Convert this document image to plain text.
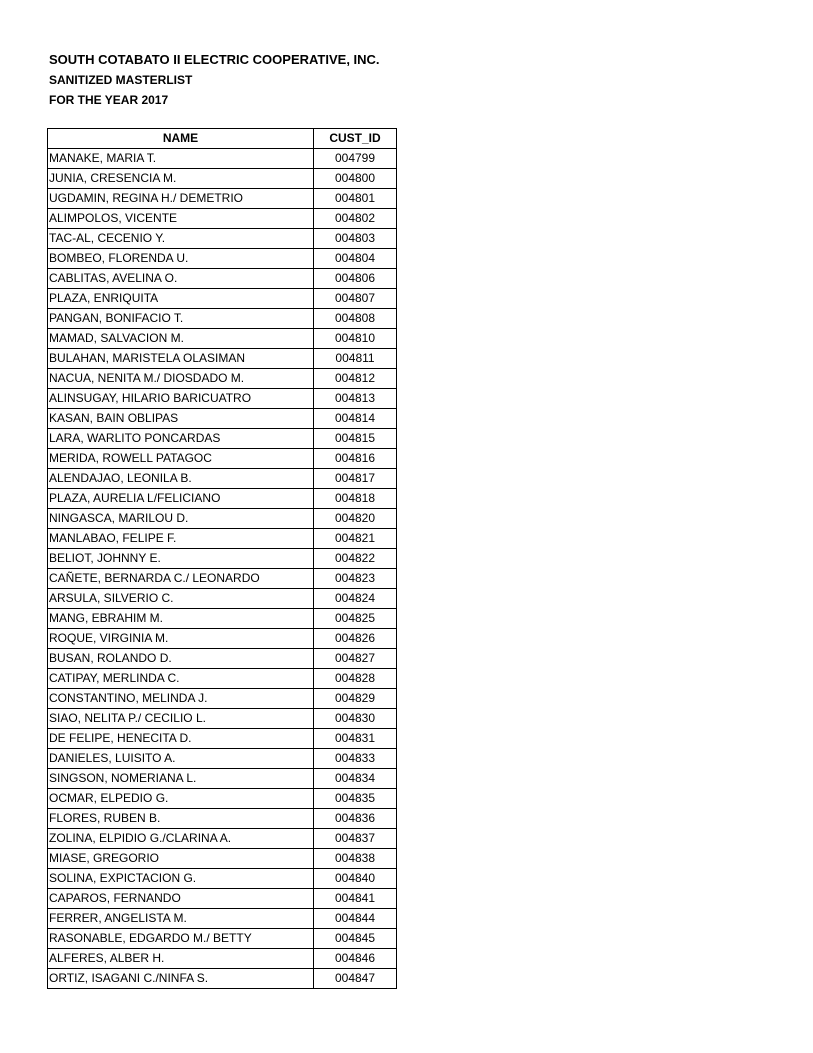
SOUTH COTABATO II ELECTRIC COOPERATIVE, INC.
SANITIZED MASTERLIST
FOR THE YEAR 2017
NAME	CUST_ID
MANAKE, MARIA T.	004799
JUNIA, CRESENCIA M.	004800
UGDAMIN, REGINA H./ DEMETRIO	004801
ALIMPOLOS, VICENTE	004802
TAC-AL, CECENIO Y.	004803
BOMBEO, FLORENDA U.	004804
CABLITAS, AVELINA O.	004806
PLAZA, ENRIQUITA	004807
PANGAN, BONIFACIO T.	004808
MAMAD, SALVACION M.	004810
BULAHAN, MARISTELA OLASIMAN	004811
NACUA, NENITA M./ DIOSDADO M.	004812
ALINSUGAY, HILARIO BARICUATRO	004813
KASAN, BAIN OBLIPAS	004814
LARA, WARLITO PONCARDAS	004815
MERIDA, ROWELL PATAGOC	004816
ALENDAJAO, LEONILA B.	004817
PLAZA, AURELIA L/FELICIANO	004818
NINGASCA, MARILOU D.	004820
MANLABAO, FELIPE F.	004821
BELIOT, JOHNNY E.	004822
CAÑETE, BERNARDA C./ LEONARDO	004823
ARSULA, SILVERIO C.	004824
MANG, EBRAHIM M.	004825
ROQUE, VIRGINIA M.	004826
BUSAN, ROLANDO D.	004827
CATIPAY, MERLINDA C.	004828
CONSTANTINO, MELINDA J.	004829
SIAO, NELITA P./ CECILIO L.	004830
DE FELIPE, HENECITA D.	004831
DANIELES, LUISITO A.	004833
SINGSON, NOMERIANA L.	004834
OCMAR, ELPEDIO G.	004835
FLORES, RUBEN B.	004836
ZOLINA, ELPIDIO G./CLARINA A.	004837
MIASE, GREGORIO	004838
SOLINA, EXPICTACION G.	004840
CAPAROS, FERNANDO	004841
FERRER, ANGELISTA M.	004844
RASONABLE, EDGARDO M./ BETTY	004845
ALFERES, ALBER H.	004846
ORTIZ, ISAGANI C./NINFA S.	004847
